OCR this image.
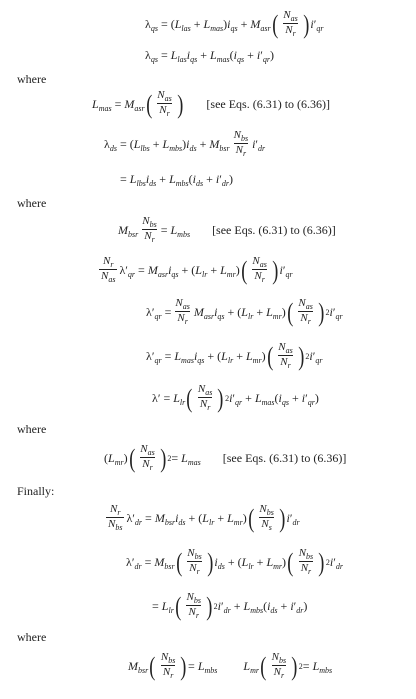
$\lambda_{qs} = (L_{las} + L_{mas})i_{qs} + M_{asr}$ ( $\frac{N_{as}}{N_r}$ ) $i'_{qr}$
$\lambda_{qs} = L_{las}i_{qs} + L_{mas}(i_{qs} + i'_{qr})$
where
$L_{mas} = M_{asr}$ ( $\frac{N_{as}}{N_r}$ ) [see Eqs. (6.31) to (6.36)]
$\lambda_{ds} = (L_{lbs} + L_{mbs})i_{ds} + M_{bsr} \frac{N_{bs}}{N_r} i'_{dr}$
= $L_{lbs}i_{ds} + L_{mbs}(i_{ds} + i'_{dr})$
where
$M_{bsr} \frac{N_{bs}}{N_r} = L_{mbs}$ [see Eqs. (6.31) to (6.36)]
$\frac{N_r}{N_{as}} \lambda'_{qr} = M_{asr}i_{qs} + (L_{lr} + L_{mr})$ ( $\frac{N_{as}}{N_r}$ ) $i'_{qr}$
$\lambda'_{qr} = \frac{N_{as}}{N_r} M_{asr}i_{qs} + (L_{lr} + L_{mr})$ ( $\frac{N_{as}}{N_r}$ ) 2 $i'_{qr}$
$\lambda'_{qr} = L_{mas}i_{qs} + (L_{lr} + L_{mr})$ ( $\frac{N_{as}}{N_r}$ ) 2 $i'_{qr}$
$\lambda' = L_{lr}$ ( $\frac{N_{as}}{N_r}$ ) 2 $i'_{qr} + L_{mas}(i_{qs} + i'_{qr})$
where
$(L_{mr})$ ( $\frac{N_{as}}{N_r}$ ) $2 = L_{mas}$ [see Eqs. (6.31) to (6.36)]
Finally:
$\frac{N_r}{N_{bs}} \lambda'_{dr} = M_{bsr}i_{ds} + (L_{lr} + L_{mr})$ ( $\frac{N_{bs}}{N_s}$ ) $i'_{dr}$
$\lambda'_{dr} = M_{bsr}$ ( $\frac{N_{bs}}{N_r}$ ) $i_{ds} + (L_{lr} + L_{mr})$ ( $\frac{N_{bs}}{N_r}$ ) 2 $i'_{dr}$
= $L_{lr}$ ( $\frac{N_{bs}}{N_r}$ ) 2 $i'_{dr} + L_{mbs}(i_{ds} + i'_{dr})$
where
$M_{bsr}$ ( $\frac{N_{bs}}{N_r}$ ) = $L_{mbs}$ $L_{mr}$ ( $\frac{N_{bs}}{N_r}$ ) $2 = L_{mbs}$
